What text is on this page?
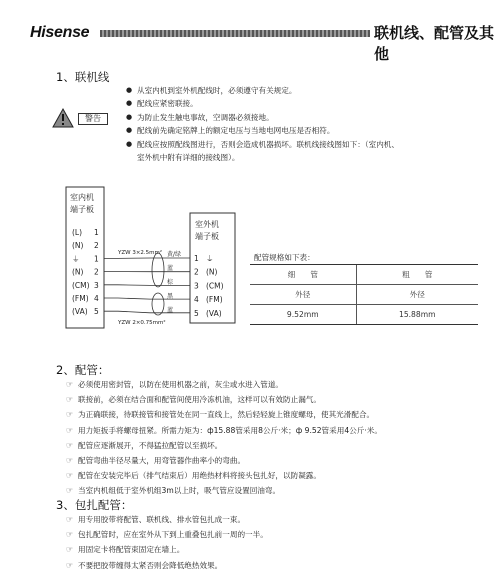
Hisense	联机线、配管及其他
1、联机线
警告
● 从室内机到室外机配线时，必须遵守有关规定。
● 配线应紧密联接。
● 为防止发生触电事故，空调器必须接地。
● 配线前先确定铭牌上的额定电压与当地电网电压是否相符。
● 配线应按照配线图进行，否则会造成机器损坏。联机线接线图如下：（室内机、
室外机中附有详细的接线图）。
室内机
端子板
(L) 1
(N) 2
⏚ 1
(N) 2
(CM) 3
(FM) 4
(VA) 5
室外机
端子板
1 ⏚
2 (N)
3 (CM)
4 (FM)
5 (VA)
YZW 3×2.5mm²
YZW 2×0.75mm²
黄/绿
蓝
棕
黑
蓝
配管规格如下表：
细　　管	粗　　管
外径	外径
9.52mm	15.88mm
2、配管：
☞ 必须使用密封管，以防在使用机器之前，灰尘或水进入管道。
☞ 联接前，必须在结合面和配管间使用冷冻机油，这样可以有效防止漏气。
☞ 为正确联接，待联接管和接管处在同一直线上，然后轻轻旋上锥度螺母，使其光滑配合。
☞ 用力矩扳手将螺母扭紧。所需力矩为：ф15.88管采用8公斤·米；ф 9.52管采用4公斤·米。
☞ 配管应逐渐展开，不得猛拉配管以至损坏。
☞ 配管弯曲半径尽量大，用弯管器作曲率小的弯曲。
☞ 配管在安装完毕后（排气结束后）用绝热材料将接头包扎好，以防凝露。
☞ 当室内机组低于室外机组3m以上时，吸气管应设置回油弯。
3、包扎配管：
☞ 用专用胶带将配管、联机线、排水管包扎成一束。
☞ 包扎配管时，应在室外从下到上重叠包扎前一周的一半。
☞ 用固定卡将配管束固定在墙上。
☞ 不要把胶带缠得太紧否则会降低绝热效果。
